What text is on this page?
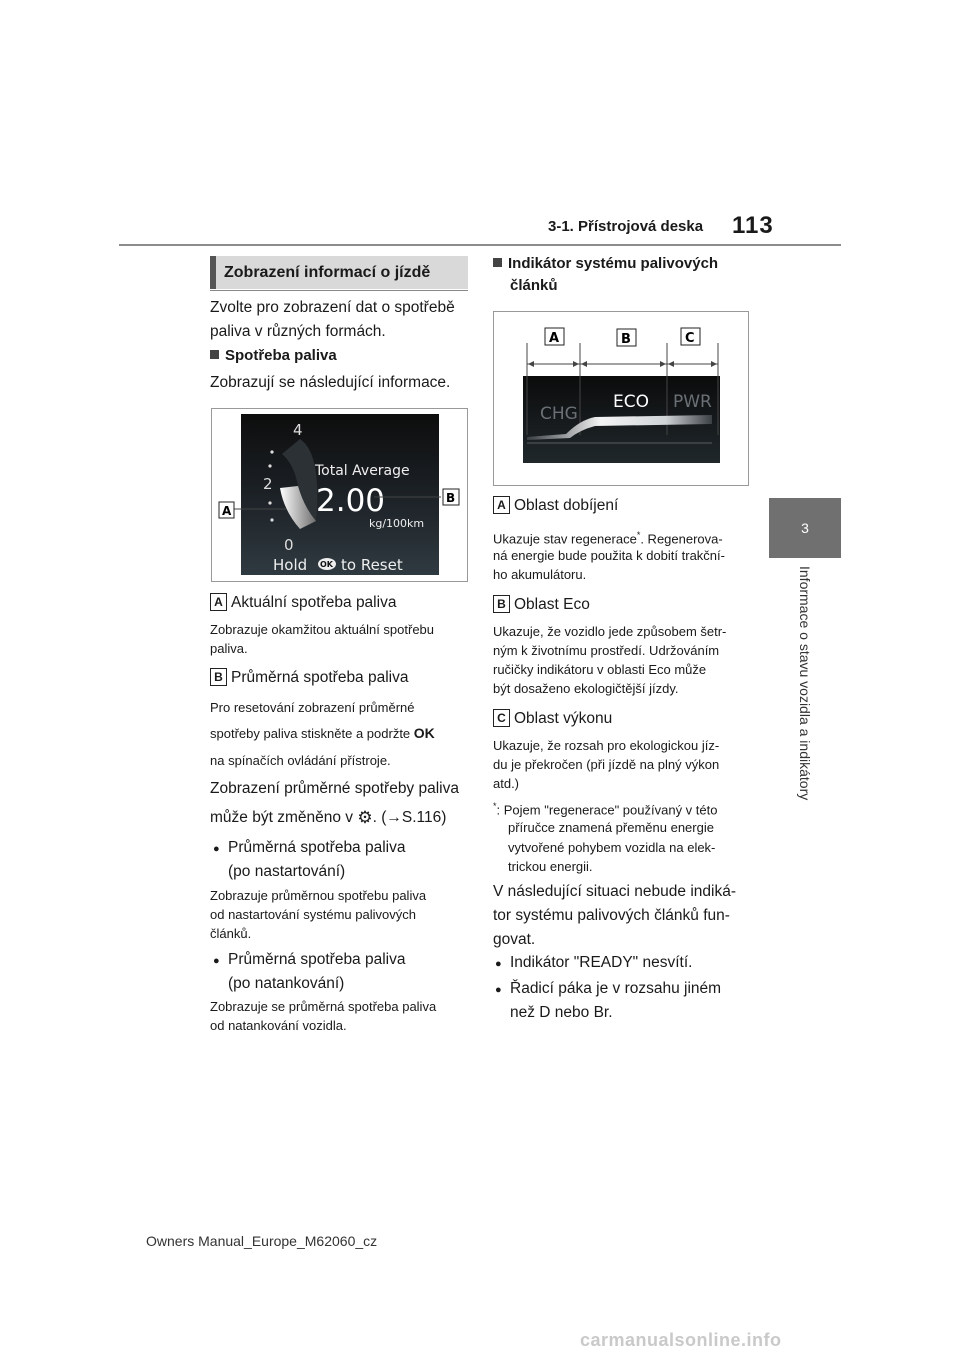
3-1. Přístrojová deska 113
3
Informace o stavu vozidla a indikátory
Zobrazení informací o jízdě
Zvolte pro zobrazení dat o spotřebě
paliva v různých formách.
Spotřeba paliva
Zobrazují se následující informace.
4
2
0
Total Average
2.00
kg/100km
Hold OK to Reset
A
B
A Aktuální spotřeba paliva
Zobrazuje okamžitou aktuální spotřebu
paliva.
B Průměrná spotřeba paliva
Pro resetování zobrazení průměrné
spotřeby paliva stiskněte a podržte OK
na spínačích ovládání přístroje.
Zobrazení průměrné spotřeby paliva
může být změněno v ⚙. (→S.116)
● Průměrná spotřeba paliva
(po nastartování)
Zobrazuje průměrnou spotřebu paliva
od nastartování systému palivových
článků.
● Průměrná spotřeba paliva
(po natankování)
Zobrazuje se průměrná spotřeba paliva
od natankování vozidla.
Indikátor systému palivových
článků
A	B	C
CHG
ECO PWR
A Oblast dobíjení
Ukazuje stav regenerace*. Regenerova-
ná energie bude použita k dobití trakční-
ho akumulátoru.
B Oblast Eco
Ukazuje, že vozidlo jede způsobem šetr-
ným k životnímu prostředí. Udržováním
ručičky indikátoru v oblasti Eco může
být dosaženo ekologičtější jízdy.
C Oblast výkonu
Ukazuje, že rozsah pro ekologickou jíz-
du je překročen (při jízdě na plný výkon
atd.)
*: Pojem "regenerace" používaný v této
příručce znamená přeměnu energie
vytvořené pohybem vozidla na elek-
trickou energii.
V následující situaci nebude indiká-
tor systému palivových článků fun-
govat.
● Indikátor "READY" nesvítí.
● Řadicí páka je v rozsahu jiném
než D nebo Br.
Owners Manual_Europe_M62060_cz
carmanualsonline.info
